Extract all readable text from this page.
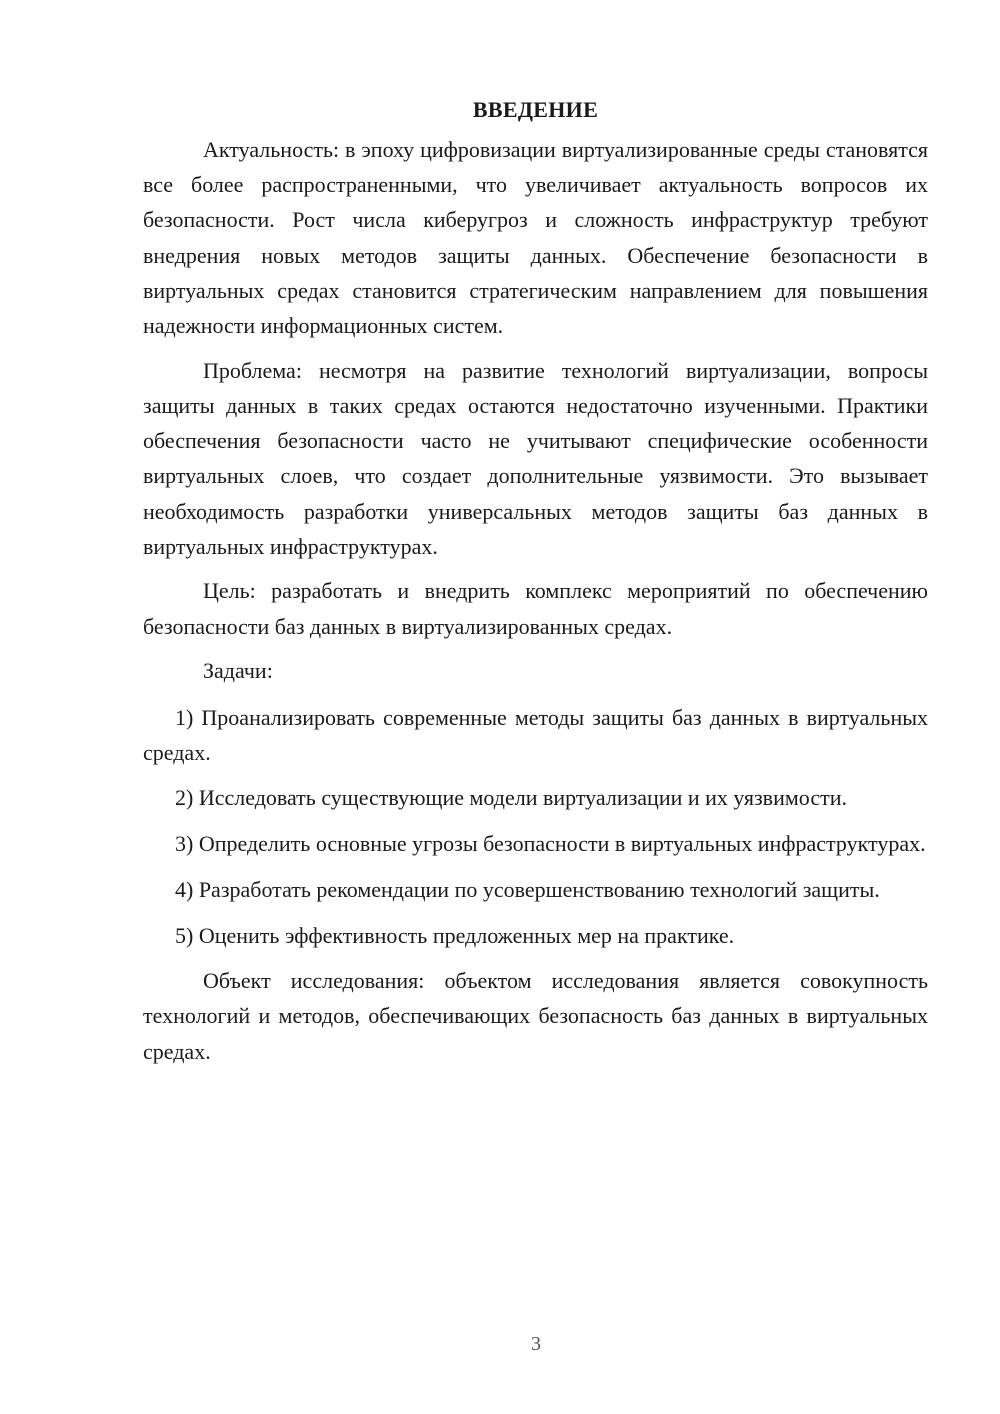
ВВЕДЕНИЕ

Актуальность: в эпоху цифровизации виртуализированные среды становятся все более распространенными, что увеличивает актуальность вопросов их безопасности. Рост числа киберугроз и сложность инфраструктур требуют внедрения новых методов защиты данных. Обеспечение безопасности в виртуальных средах становится стратегическим направлением для повышения надежности информационных систем.

Проблема: несмотря на развитие технологий виртуализации, вопросы защиты данных в таких средах остаются недостаточно изученными. Практики обеспечения безопасности часто не учитывают специфические особенности виртуальных слоев, что создает дополнительные уязвимости. Это вызывает необходимость разработки универсальных методов защиты баз данных в виртуальных инфраструктурах.

Цель: разработать и внедрить комплекс мероприятий по обеспечению безопасности баз данных в виртуализированных средах.

Задачи:

1) Проанализировать современные методы защиты баз данных в виртуальных средах.

2) Исследовать существующие модели виртуализации и их уязвимости.

3) Определить основные угрозы безопасности в виртуальных инфраструктурах.

4) Разработать рекомендации по усовершенствованию технологий защиты.

5) Оценить эффективность предложенных мер на практике.

Объект исследования: объектом исследования является совокупность технологий и методов, обеспечивающих безопасность баз данных в виртуальных средах.

3
